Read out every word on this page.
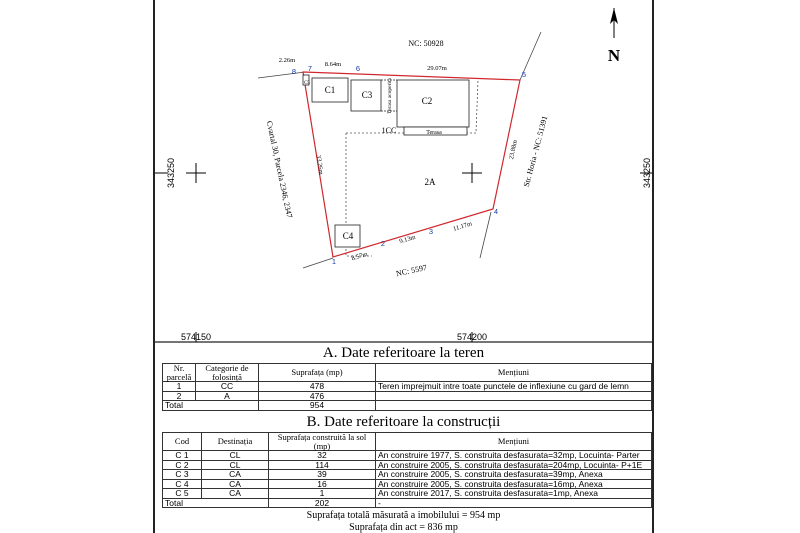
N
574150	574200
343250	343250
C1
C2
C3
C4
C5
1CC	Terasa
2A
Terasa acoperita
1
2
3
4
5
6
7
8
2.26m
8.64m
29.07m
23.88m
11.17m
9.13m
8.57m
33.26m
NC: 50928
NC: 5597
Str. Horia - NC: 51391
Cvartal 30, Parcela 2346, 2347
A. Date referitoare la teren
Nr. parcelă	Categorie de folosință	Suprafața (mp)	Mențiuni
1	CC	478	Teren imprejmuit intre toate punctele de inflexiune cu gard de lemn
2	A	476	
Total		954	
B. Date referitoare la construcții
Cod	Destinația	Suprafața construită la sol (mp)	Mențiuni
C 1	CL	32	An construire 1977, S. construita desfasurata=32mp, Locuinta- Parter
C 2	CL	114	An construire 2005, S. construita desfasurata=204mp, Locuinta- P+1E
C 3	CA	39	An construire 2005, S. construita desfasurata=39mp, Anexa
C 4	CA	16	An construire 2005, S. construita desfasurata=16mp, Anexa
C 5	CA	1	An construire 2017, S. construita desfasurata=1mp, Anexa
Total		202	-
Suprafața totală măsurată a imobilului = 954 mp
Suprafața din act = 836 mp
